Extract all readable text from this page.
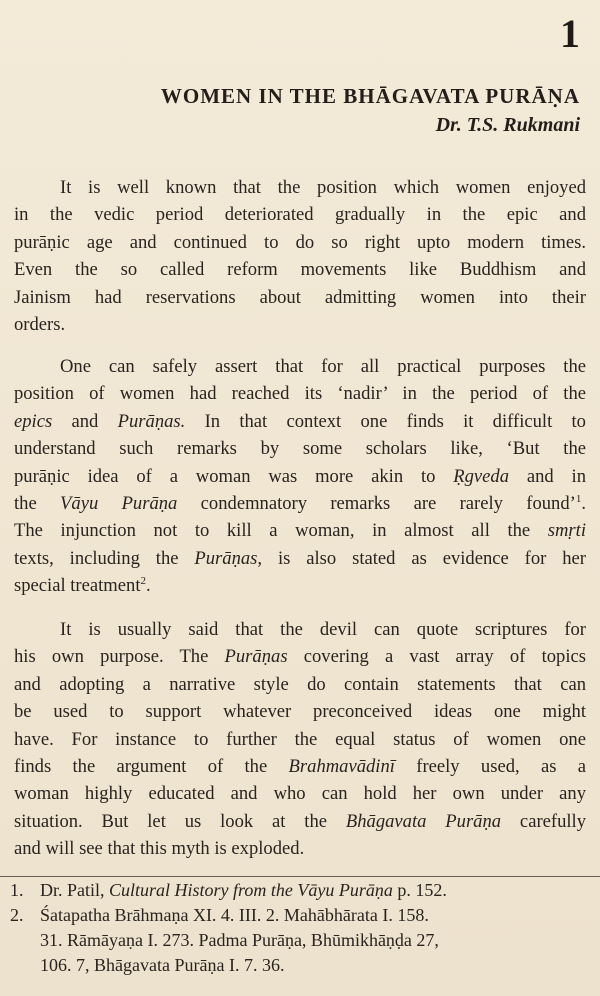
1
WOMEN IN THE BHĀGAVATA PURĀṆA
Dr. T.S. Rukmani
It is well known that the position which women enjoyed
in the vedic period deteriorated gradually in the epic and
purāṇic age and continued to do so right upto modern times.
Even the so called reform movements like Buddhism and
Jainism had reservations about admitting women into their
orders.
One can safely assert that for all practical purposes the
position of women had reached its ‘nadir’ in the period of the
epics and Purāṇas. In that context one finds it difficult to
understand such remarks by some scholars like, ‘But the
purāṇic idea of a woman was more akin to Ṛgveda and in
the Vāyu Purāṇa condemnatory remarks are rarely found’$^1$.
The injunction not to kill a woman, in almost all the smṛti
texts, including the Purāṇas, is also stated as evidence for her
special treatment$^2$.
It is usually said that the devil can quote scriptures for
his own purpose. The Purāṇas covering a vast array of topics
and adopting a narrative style do contain statements that can
be used to support whatever preconceived ideas one might
have. For instance to further the equal status of women one
finds the argument of the Brahmavādinī freely used, as a
woman highly educated and who can hold her own under any
situation. But let us look at the Bhāgavata Purāṇa carefully
and will see that this myth is exploded.
1. Dr. Patil, Cultural History from the Vāyu Purāṇa p. 152.
2. Śatapatha Brāhmaṇa XI. 4. III. 2. Mahābhārata I. 158.
31. Rāmāyaṇa I. 273. Padma Purāṇa, Bhūmikhāṇḍa 27,
106. 7, Bhāgavata Purāṇa I. 7. 36.
